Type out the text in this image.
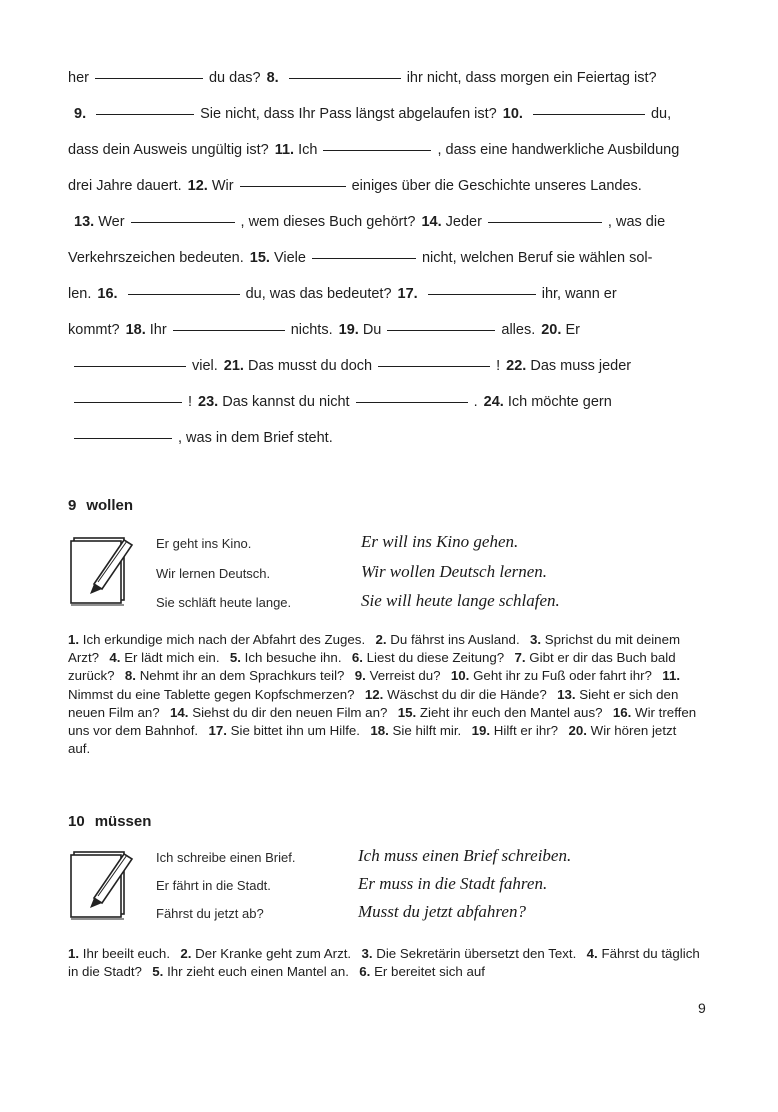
her	du das? 8.	ihr nicht, dass morgen ein Feiertag ist?
9.	Sie nicht, dass Ihr Pass längst abgelaufen ist? 10.	du,
dass dein Ausweis ungültig ist? 11. Ich	, dass eine handwerkliche Ausbildung
drei Jahre dauert. 12. Wir	einiges über die Geschichte unseres Landes.
13. Wer	, wem dieses Buch gehört? 14. Jeder	, was die
Verkehrszeichen bedeuten. 15. Viele	nicht, welchen Beruf sie wählen sol-
len. 16.	du, was das bedeutet? 17.	ihr, wann er
kommt? 18. Ihr	nichts. 19. Du	alles. 20. Er
viel. 21. Das musst du doch	! 22. Das muss jeder
! 23. Das kannst du nicht	. 24. Ich möchte gern
, was in dem Brief steht.
9 wollen
Er geht ins Kino.	Er will ins Kino gehen.
Wir lernen Deutsch.	Wir wollen Deutsch lernen.
Sie schläft heute lange.	Sie will heute lange schlafen.
1. Ich erkundige mich nach der Abfahrt des Zuges.  2. Du fährst ins Ausland.  3. Sprichst du mit deinem Arzt?  4. Er lädt mich ein.  5. Ich besuche ihn.  6. Liest du diese Zeitung?  7. Gibt er dir das Buch bald zurück?  8. Nehmt ihr an dem Sprachkurs teil?  9. Verreist du?  10. Geht ihr zu Fuß oder fahrt ihr?  11. Nimmst du eine Tablette gegen Kopfschmerzen?  12. Wäschst du dir die Hände?  13. Sieht er sich den neuen Film an?  14. Siehst du dir den neuen Film an?  15. Zieht ihr euch den Mantel aus?  16. Wir treffen uns vor dem Bahnhof.  17. Sie bittet ihn um Hilfe.  18. Sie hilft mir.  19. Hilft er ihr?  20. Wir hören jetzt auf. 
10 müssen
Ich schreibe einen Brief.	Ich muss einen Brief schreiben.
Er fährt in die Stadt.	Er muss in die Stadt fahren.
Fährst du jetzt ab?	Musst du jetzt abfahren?
1. Ihr beeilt euch.  2. Der Kranke geht zum Arzt.  3. Die Sekretärin übersetzt den Text.  4. Fährst du täglich in die Stadt?  5. Ihr zieht euch einen Mantel an.  6. Er bereitet sich auf 
9
